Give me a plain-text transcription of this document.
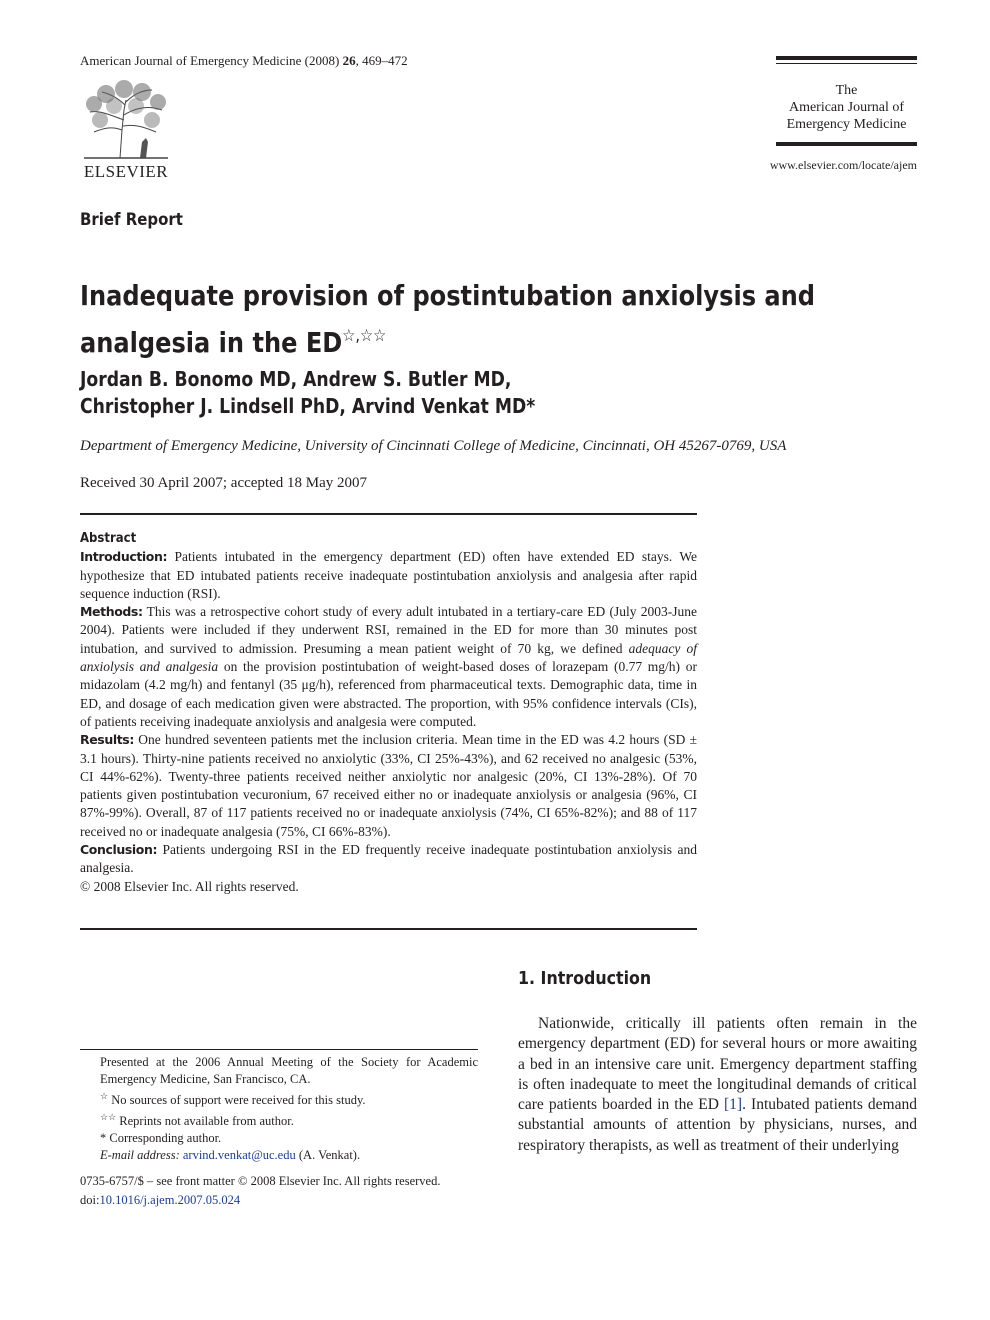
American Journal of Emergency Medicine (2008) 26, 469–472
ELSEVIER
The
American Journal of
Emergency Medicine
www.elsevier.com/locate/ajem
Brief Report
Inadequate provision of postintubation anxiolysis and analgesia in the ED☆,☆☆
Jordan B. Bonomo MD, Andrew S. Butler MD,
Christopher J. Lindsell PhD, Arvind Venkat MD*
Department of Emergency Medicine, University of Cincinnati College of Medicine, Cincinnati, OH 45267-0769, USA
Received 30 April 2007; accepted 18 May 2007
Abstract

Introduction: Patients intubated in the emergency department (ED) often have extended ED stays. We hypothesize that ED intubated patients receive inadequate postintubation anxiolysis and analgesia after rapid sequence induction (RSI).

Methods: This was a retrospective cohort study of every adult intubated in a tertiary-care ED (July 2003-June 2004). Patients were included if they underwent RSI, remained in the ED for more than 30 minutes post intubation, and survived to admission. Presuming a mean patient weight of 70 kg, we defined adequacy of anxiolysis and analgesia on the provision postintubation of weight-based doses of lorazepam (0.77 mg/h) or midazolam (4.2 mg/h) and fentanyl (35 μg/h), referenced from pharmaceutical texts. Demographic data, time in ED, and dosage of each medication given were abstracted. The proportion, with 95% confidence intervals (CIs), of patients receiving inadequate anxiolysis and analgesia were computed.

Results: One hundred seventeen patients met the inclusion criteria. Mean time in the ED was 4.2 hours (SD ± 3.1 hours). Thirty-nine patients received no anxiolytic (33%, CI 25%-43%), and 62 received no analgesic (53%, CI 44%-62%). Twenty-three patients received neither anxiolytic nor analgesic (20%, CI 13%-28%). Of 70 patients given postintubation vecuronium, 67 received either no or inadequate anxiolysis or analgesia (96%, CI 87%-99%). Overall, 87 of 117 patients received no or inadequate anxiolysis (74%, CI 65%-82%); and 88 of 117 received no or inadequate analgesia (75%, CI 66%-83%).

Conclusion: Patients undergoing RSI in the ED frequently receive inadequate postintubation anxiolysis and analgesia.

© 2008 Elsevier Inc. All rights reserved.

1. Introduction
Nationwide, critically ill patients often remain in the emergency department (ED) for several hours or more awaiting a bed in an intensive care unit. Emergency department staffing is often inadequate to meet the longitudinal demands of critical care patients boarded in the ED [1]. Intubated patients demand substantial amounts of attention by physicians, nurses, and respiratory therapists, as well as treatment of their underlying

Presented at the 2006 Annual Meeting of the Society for Academic Emergency Medicine, San Francisco, CA.

☆ No sources of support were received for this study.

☆☆ Reprints not available from author.

* Corresponding author.

E-mail address: arvind.venkat@uc.edu (A. Venkat).

0735-6757/$ – see front matter © 2008 Elsevier Inc. All rights reserved.
doi:10.1016/j.ajem.2007.05.024
